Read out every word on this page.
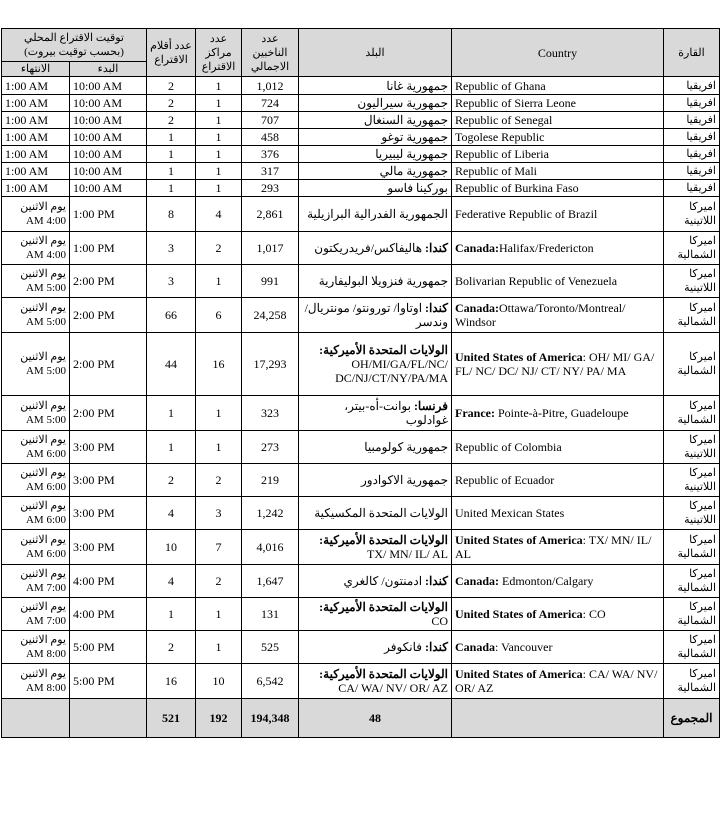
توقيت الاقتراع المحلي
(بحسب توقيت بيروت)		عدد أقلام الاقتراع	عدد مراكز الاقتراع	عدد الناخبين الاجمالي	البلد	Country	القارة
الانتهاء	البدء						
1:00 AM	10:00 AM	2	1	1,012	جمهورية غانا	Republic of Ghana	افريقيا
1:00 AM	10:00 AM	2	1	724	جمهورية سيراليون	Republic of Sierra Leone	افريقيا
1:00 AM	10:00 AM	2	1	707	جمهورية السنغال	Republic of Senegal	افريقيا
1:00 AM	10:00 AM	1	1	458	جمهورية توغو	Togolese Republic	افريقيا
1:00 AM	10:00 AM	1	1	376	جمهورية ليبيريا	Republic of Liberia	افريقيا
1:00 AM	10:00 AM	1	1	317	جمهورية مالي	Republic of Mali	افريقيا
1:00 AM	10:00 AM	1	1	293	بوركينا فاسو	Republic of Burkina Faso	افريقيا
يوم الاثنين AM 4:00	1:00 PM	8	4	2,861	الجمهورية الفدرالية البرازيلية	Federative Republic of Brazil	اميركا اللاتينية
يوم الاثنين AM 4:00	1:00 PM	3	2	1,017	كندا: هاليفاكس/فريدريكتون	Canada:Halifax/Fredericton	اميركا الشمالية
يوم الاثنين AM 5:00	2:00 PM	3	1	991	جمهورية فنزويلا البوليفارية	Bolivarian Republic of Venezuela	اميركا اللاتينية
يوم الاثنين AM 5:00	2:00 PM	66	6	24,258	كندا: اوتاوا/ تورونتو/ مونتريال/ وندسر	Canada:Ottawa/Toronto/Montreal/ Windsor	اميركا الشمالية
يوم الاثنين AM 5:00	2:00 PM	44	16	17,293	الولايات المتحدة الأميركية: OH/MI/GA/FL/NC/ DC/NJ/CT/NY/PA/MA	United States of America: OH/ MI/ GA/ FL/ NC/ DC/ NJ/ CT/ NY/ PA/ MA	اميركا الشمالية
يوم الاثنين AM 5:00	2:00 PM	1	1	323	فرنسا: بوانت-أه-بيتر، غوادلوب	France: Pointe-à-Pitre, Guadeloupe	اميركا الشمالية
يوم الاثنين AM 6:00	3:00 PM	1	1	273	جمهورية كولومبيا	Republic of Colombia	اميركا اللاتينية
يوم الاثنين AM 6:00	3:00 PM	2	2	219	جمهورية الاكوادور	Republic of Ecuador	اميركا اللاتينية
يوم الاثنين AM 6:00	3:00 PM	4	3	1,242	الولايات المتحدة المكسيكية	United Mexican States	اميركا اللاتينية
يوم الاثنين AM 6:00	3:00 PM	10	7	4,016	الولايات المتحدة الأميركية: TX/ MN/ IL/ AL	United States of America: TX/ MN/ IL/ AL	اميركا الشمالية
يوم الاثنين AM 7:00	4:00 PM	4	2	1,647	كندا: ادمنتون/ كالغري	Canada: Edmonton/Calgary	اميركا الشمالية
يوم الاثنين AM 7:00	4:00 PM	1	1	131	الولايات المتحدة الأميركية: CO	United States of America: CO	اميركا الشمالية
يوم الاثنين AM 8:00	5:00 PM	2	1	525	كندا: فانكوفر	Canada: Vancouver	اميركا الشمالية
يوم الاثنين AM 8:00	5:00 PM	16	10	6,542	الولايات المتحدة الأميركية: CA/ WA/ NV/ OR/ AZ	United States of America: CA/ WA/ NV/ OR/ AZ	اميركا الشمالية
		521	192	194,348	48		المجموع
